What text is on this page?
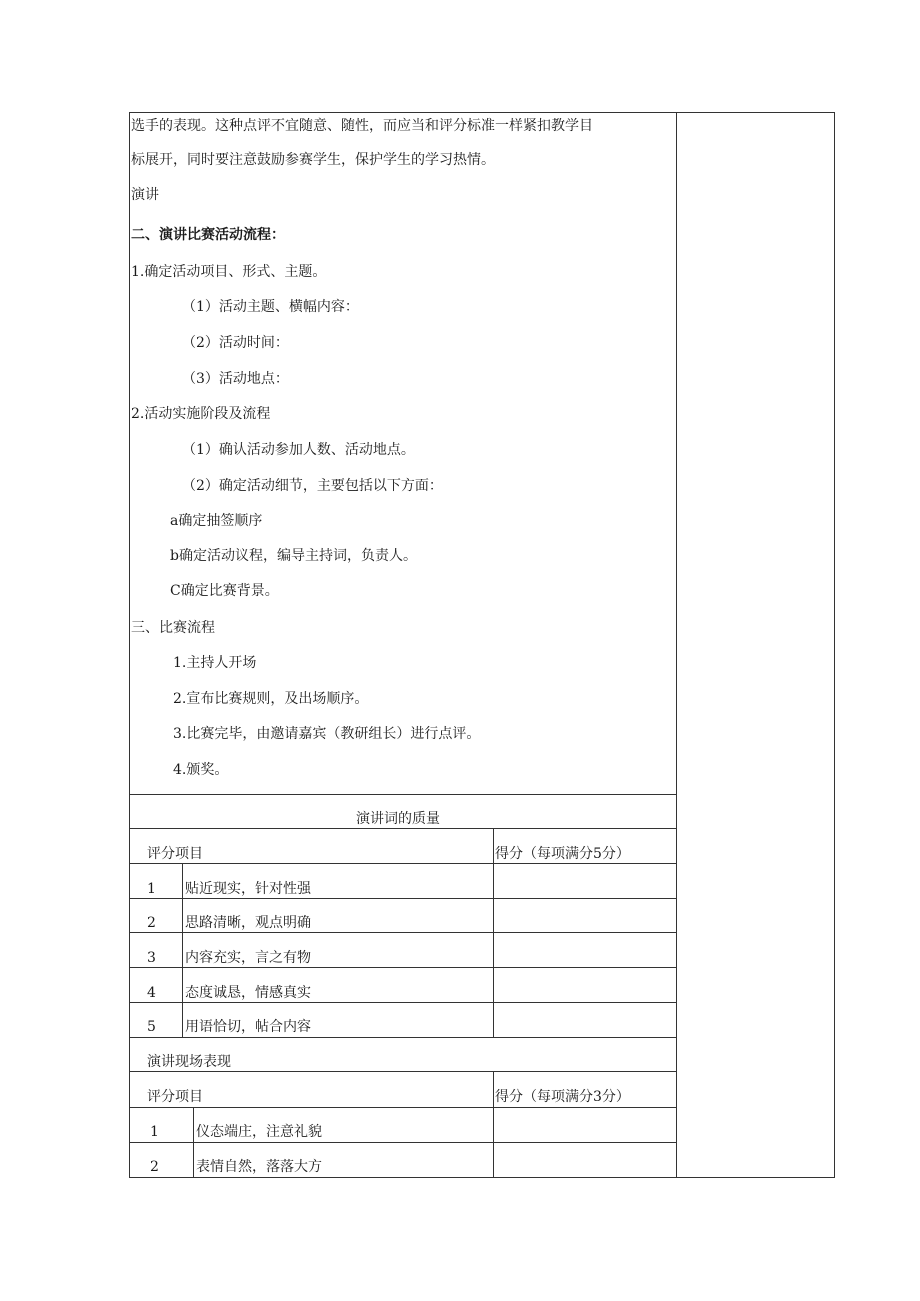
选手的表现。这种点评不宜随意、随性，而应当和评分标准一样紧扣教学目
标展开，同时要注意鼓励参赛学生，保护学生的学习热情。
演讲
二、演讲比赛活动流程：
1.确定活动项目、形式、主题。
（1）活动主题、横幅内容：
（2）活动时间：
（3）活动地点：
2.活动实施阶段及流程
（1）确认活动参加人数、活动地点。
（2）确定活动细节，主要包括以下方面：
a确定抽签顺序
b确定活动议程，编导主持词，负责人。
C确定比赛背景。
三、比赛流程
1.主持人开场
2.宣布比赛规则，及出场顺序。
3.比赛完毕，由邀请嘉宾（教研组长）进行点评。
4.颁奖。
演讲词的质量
评分项目	得分（每项满分5分）
1 贴近现实，针对性强
2 思路清晰，观点明确
3 内容充实，言之有物
4 态度诚恳，情感真实
5 用语恰切，帖合内容
演讲现场表现
评分项目	得分（每项满分3分）
1	仪态端庄，注意礼貌
2	表情自然，落落大方
